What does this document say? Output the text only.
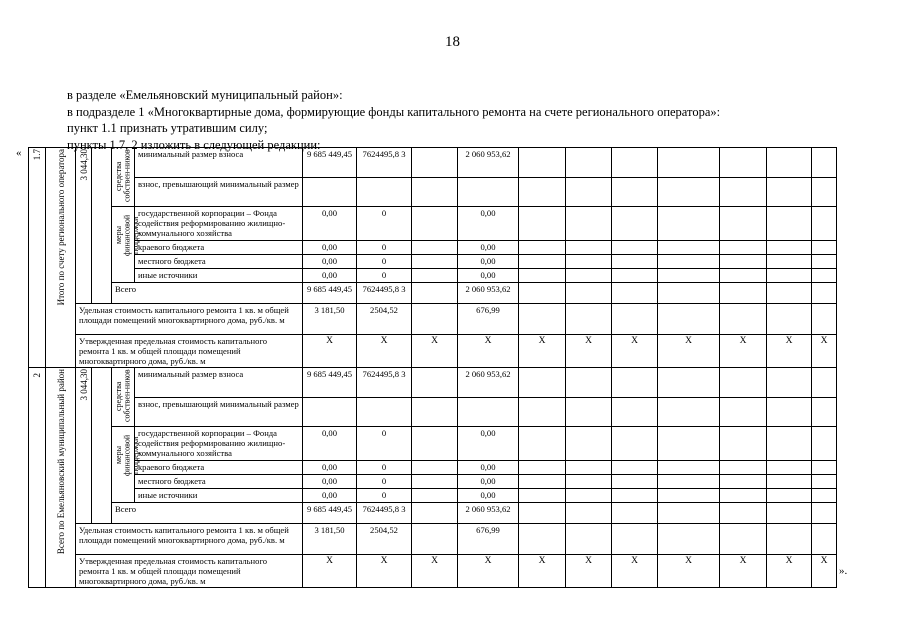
18
в разделе «Емельяновский муниципальный район»:
в подразделе 1 «Многоквартирные дома, формирующие фонды капитального ремонта на счете регионального оператора»:
пункт 1.1 признать утратившим силу;
пункты 1.7, 2 изложить в следующей редакции:
«
».
1.7	Итого по счету регионального оператора	3 044,30		средства собствен-ников	минимальный размер взноса	9 685 449,45	7624495,8 3		2 060 953,62							
					взнос, превышающий минимальный размер											
				меры финансовой поддержки	государственной корпорации – Фонда содействия реформированию жилищно-коммунального хозяйства	0,00	0		0,00							
					краевого бюджета	0,00	0		0,00							
					местного бюджета	0,00	0		0,00							
					иные источники	0,00	0		0,00							
				Всего		9 685 449,45	7624495,8 3		2 060 953,62							
		Удельная стоимость капитального ремонта 1 кв. м общей площади помещений многоквартирного дома, руб./кв. м				3 181,50	2504,52		676,99							
		Утвержденная предельная стоимость капитального ремонта 1 кв. м общей площади помещений многоквартирного дома, руб./кв. м				X	X	X	X	X	X	X	X	X	X	X
2	Всего по Емельяновский муниципальный район	3 044,30		средства собствен-ников	минимальный размер взноса	9 685 449,45	7624495,8 3		2 060 953,62							
					взнос, превышающий минимальный размер											
				меры финансовой поддержки	государственной корпорации – Фонда содействия реформированию жилищно-коммунального хозяйства	0,00	0		0,00							
					краевого бюджета	0,00	0		0,00							
					местного бюджета	0,00	0		0,00							
					иные источники	0,00	0		0,00							
				Всего		9 685 449,45	7624495,8 3		2 060 953,62							
		Удельная стоимость капитального ремонта 1 кв. м общей площади помещений многоквартирного дома, руб./кв. м				3 181,50	2504,52		676,99							
		Утвержденная предельная стоимость капитального ремонта 1 кв. м общей площади помещений многоквартирного дома, руб./кв. м				X	X	X	X	X	X	X	X	X	X	X
